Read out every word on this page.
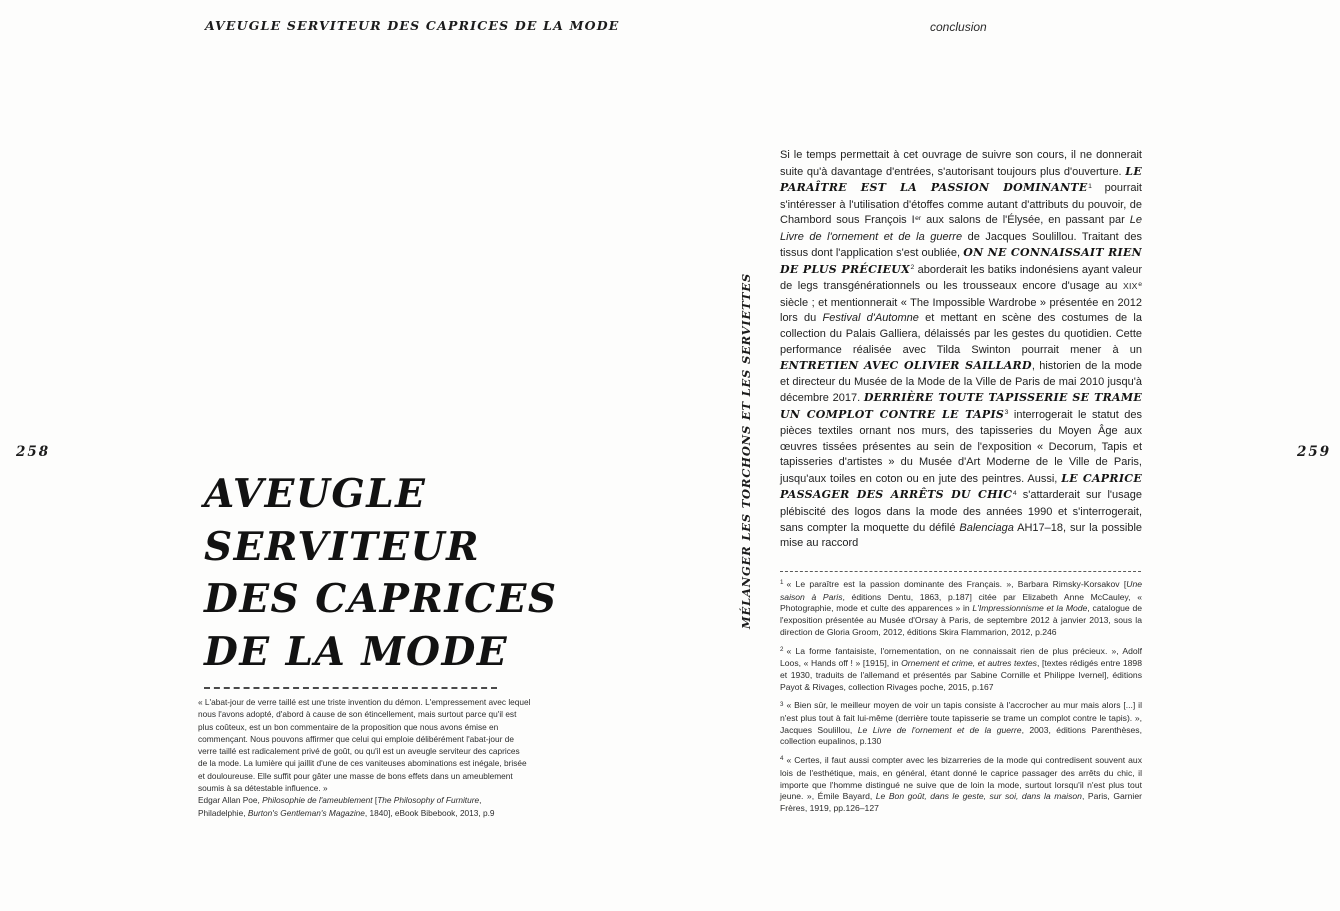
AVEUGLE SERVITEUR DES CAPRICES DE LA MODE
258
AVEUGLE
SERVITEUR
DES CAPRICES
DE LA MODE
« L'abat-jour de verre taillé est une triste invention du démon. L'empressement avec lequel nous l'avons adopté, d'abord à cause de son étincellement, mais surtout parce qu'il est plus coûteux, est un bon commentaire de la proposition que nous avons émise en commençant. Nous pouvons affirmer que celui qui emploie délibérément l'abat-jour de verre taillé est radicalement privé de goût, ou qu'il est un aveugle serviteur des caprices de la mode. La lumière qui jaillit d'une de ces vaniteuses abominations est inégale, brisée et douloureuse. Elle suffit pour gâter une masse de bons effets dans un ameublement soumis à sa détestable influence. »
Edgar Allan Poe, Philosophie de l'ameublement [The Philosophy of Furniture, Philadelphie, Burton's Gentleman's Magazine, 1840], eBook Bibebook, 2013, p.9
MÉLANGER LES TORCHONS ET LES SERVIETTES
conclusion
259
Si le temps permettait à cet ouvrage de suivre son cours, il ne donnerait suite qu'à davantage d'entrées, s'autorisant toujours plus d'ouverture. LE PARAÎTRE EST LA PASSION DOMINANTE$^1$ pourrait s'intéresser à l'utilisation d'étoffes comme autant d'attributs du pouvoir, de Chambord sous François Ier aux salons de l'Élysée, en passant par Le Livre de l'ornement et de la guerre de Jacques Soulillou. Traitant des tissus dont l'application s'est oubliée, ON NE CONNAISSAIT RIEN DE PLUS PRÉCIEUX$^2$ aborderait les batiks indonésiens ayant valeur de legs transgénérationnels ou les trousseaux encore d'usage au XIXe siècle ; et mentionnerait « The Impossible Wardrobe » présentée en 2012 lors du Festival d'Automne et mettant en scène des costumes de la collection du Palais Galliera, délaissés par les gestes du quotidien. Cette performance réalisée avec Tilda Swinton pourrait mener à un ENTRETIEN AVEC OLIVIER SAILLARD, historien de la mode et directeur du Musée de la Mode de la Ville de Paris de mai 2010 jusqu'à décembre 2017. DERRIÈRE TOUTE TAPISSERIE SE TRAME UN COMPLOT CONTRE LE TAPIS$^3$ interrogerait le statut des pièces textiles ornant nos murs, des tapisseries du Moyen Âge aux œuvres tissées présentes au sein de l'exposition « Decorum, Tapis et tapisseries d'artistes » du Musée d'Art Moderne de le Ville de Paris, jusqu'aux toiles en coton ou en jute des peintres. Aussi, LE CAPRICE PASSAGER DES ARRÊTS DU CHIC$^4$ s'attarderait sur l'usage plébiscité des logos dans la mode des années 1990 et s'interrogerait, sans compter la moquette du défilé Balenciaga AH17–18, sur la possible mise au raccord
$^1$ « Le paraître est la passion dominante des Français. », Barbara Rimsky-Korsakov [Une saison à Paris, éditions Dentu, 1863, p.187] citée par Elizabeth Anne McCauley, « Photographie, mode et culte des apparences » in L'Impressionnisme et la Mode, catalogue de l'exposition présentée au Musée d'Orsay à Paris, de septembre 2012 à janvier 2013, sous la direction de Gloria Groom, 2012, éditions Skira Flammarion, 2012, p.246
$^2$ « La forme fantaisiste, l'ornementation, on ne connaissait rien de plus précieux. », Adolf Loos, « Hands off ! » [1915], in Ornement et crime, et autres textes, [textes rédigés entre 1898 et 1930, traduits de l'allemand et présentés par Sabine Cornille et Philippe Ivernel], éditions Payot & Rivages, collection Rivages poche, 2015, p.167
$^3$ « Bien sûr, le meilleur moyen de voir un tapis consiste à l'accrocher au mur mais alors [...] il n'est plus tout à fait lui-même (derrière toute tapisserie se trame un complot contre le tapis). », Jacques Soulillou, Le Livre de l'ornement et de la guerre, 2003, éditions Parenthèses, collection eupalinos, p.130
$^4$ « Certes, il faut aussi compter avec les bizarreries de la mode qui contredisent souvent aux lois de l'esthétique, mais, en général, étant donné le caprice passager des arrêts du chic, il importe que l'homme distingué ne suive que de loin la mode, surtout lorsqu'il n'est plus tout jeune. », Émile Bayard, Le Bon goût, dans le geste, sur soi, dans la maison, Paris, Garnier Frères, 1919, pp.126–127
